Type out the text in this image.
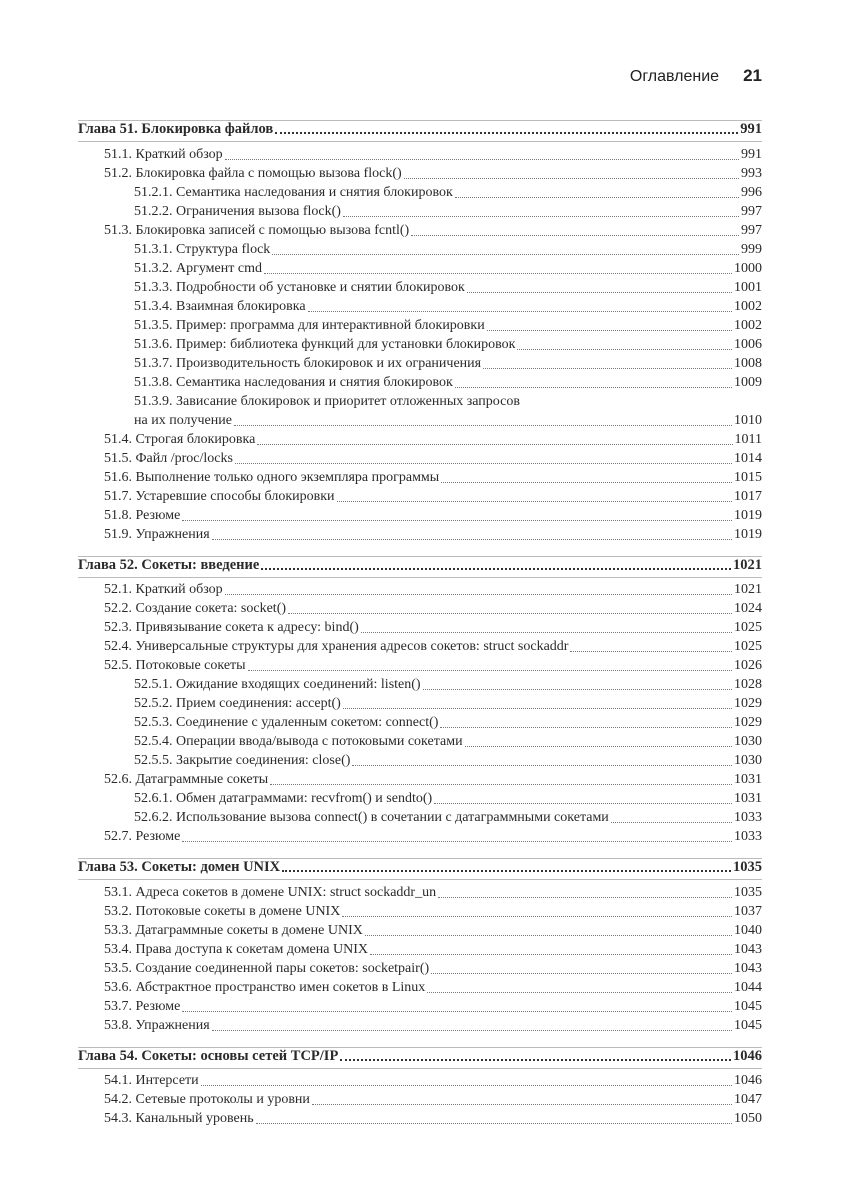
Оглавление 21
Глава 51. Блокировка файлов	991
51.1. Краткий обзор	991
51.2. Блокировка файла с помощью вызова flock()	993
51.2.1. Семантика наследования и снятия блокировок	996
51.2.2. Ограничения вызова flock()	997
51.3. Блокировка записей с помощью вызова fcntl()	997
51.3.1. Структура flock	999
51.3.2. Аргумент cmd	1000
51.3.3. Подробности об установке и снятии блокировок	1001
51.3.4. Взаимная блокировка	1002
51.3.5. Пример: программа для интерактивной блокировки	1002
51.3.6. Пример: библиотека функций для установки блокировок	1006
51.3.7. Производительность блокировок и их ограничения	1008
51.3.8. Семантика наследования и снятия блокировок	1009
51.3.9. Зависание блокировок и приоритет отложенных запросов
на их получение	1010
51.4. Строгая блокировка	1011
51.5. Файл /proc/locks	1014
51.6. Выполнение только одного экземпляра программы	1015
51.7. Устаревшие способы блокировки	1017
51.8. Резюме	1019
51.9. Упражнения	1019
Глава 52. Сокеты: введение	1021
52.1. Краткий обзор	1021
52.2. Создание сокета: socket()	1024
52.3. Привязывание сокета к адресу: bind()	1025
52.4. Универсальные структуры для хранения адресов сокетов: struct sockaddr	1025
52.5. Потоковые сокеты	1026
52.5.1. Ожидание входящих соединений: listen()	1028
52.5.2. Прием соединения: accept()	1029
52.5.3. Соединение с удаленным сокетом: connect()	1029
52.5.4. Операции ввода/вывода с потоковыми сокетами	1030
52.5.5. Закрытие соединения: close()	1030
52.6. Датаграммные сокеты	1031
52.6.1. Обмен датаграммами: recvfrom() и sendto()	1031
52.6.2. Использование вызова connect() в сочетании с датаграммными сокетами	1033
52.7. Резюме	1033
Глава 53. Сокеты: домен UNIX	1035
53.1. Адреса сокетов в домене UNIX: struct sockaddr_un	1035
53.2. Потоковые сокеты в домене UNIX	1037
53.3. Датаграммные сокеты в домене UNIX	1040
53.4. Права доступа к сокетам домена UNIX	1043
53.5. Создание соединенной пары сокетов: socketpair()	1043
53.6. Абстрактное пространство имен сокетов в Linux	1044
53.7. Резюме	1045
53.8. Упражнения	1045
Глава 54. Сокеты: основы сетей TCP/IP	1046
54.1. Интерсети	1046
54.2. Сетевые протоколы и уровни	1047
54.3. Канальный уровень	1050
